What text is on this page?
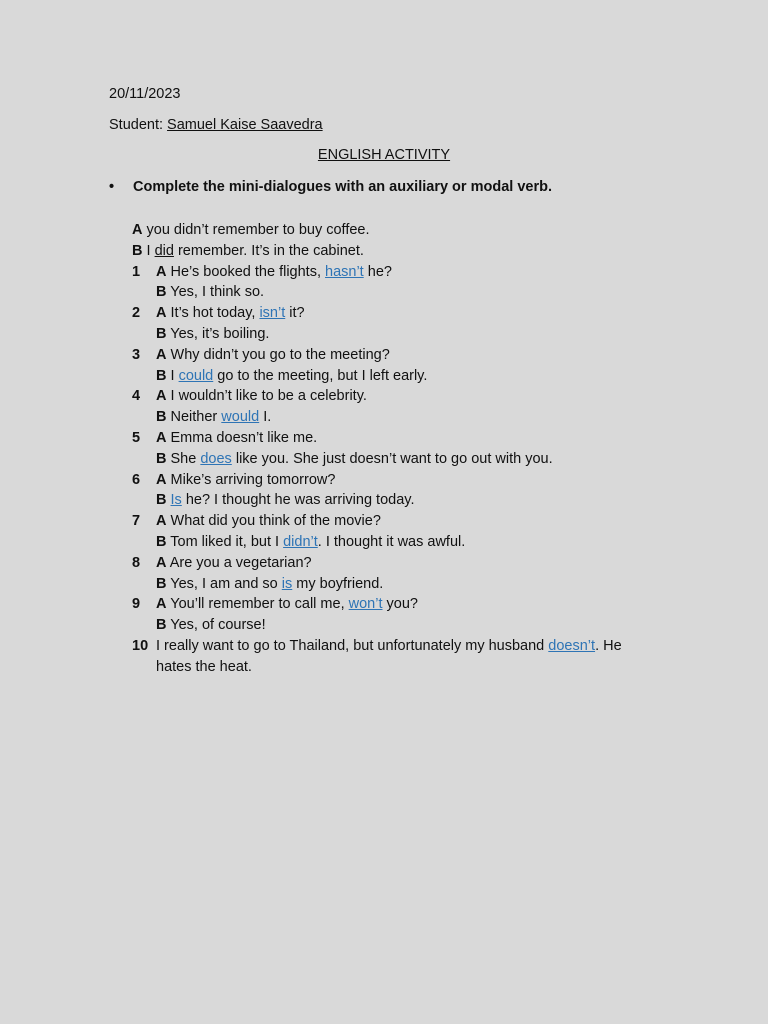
20/11/2023
Student: Samuel Kaise Saavedra
ENGLISH ACTIVITY
• Complete the mini-dialogues with an auxiliary or modal verb.
A you didn’t remember to buy coffee.
B I did remember. It’s in the cabinet.
1 A He’s booked the flights, hasn’t he?
B Yes, I think so.
2 A It’s hot today, isn’t it?
B Yes, it’s boiling.
3 A Why didn’t you go to the meeting?
B I could go to the meeting, but I left early.
4 A I wouldn’t like to be a celebrity.
B Neither would I.
5 A Emma doesn’t like me.
B She does like you. She just doesn’t want to go out with you.
6 A Mike’s arriving tomorrow?
B Is he? I thought he was arriving today.
7 A What did you think of the movie?
B Tom liked it, but I didn’t. I thought it was awful.
8 A Are you a vegetarian?
B Yes, I am and so is my boyfriend.
9 A You’ll remember to call me, won’t you?
B Yes, of course!
10 I really want to go to Thailand, but unfortunately my husband doesn’t. He
hates the heat.
